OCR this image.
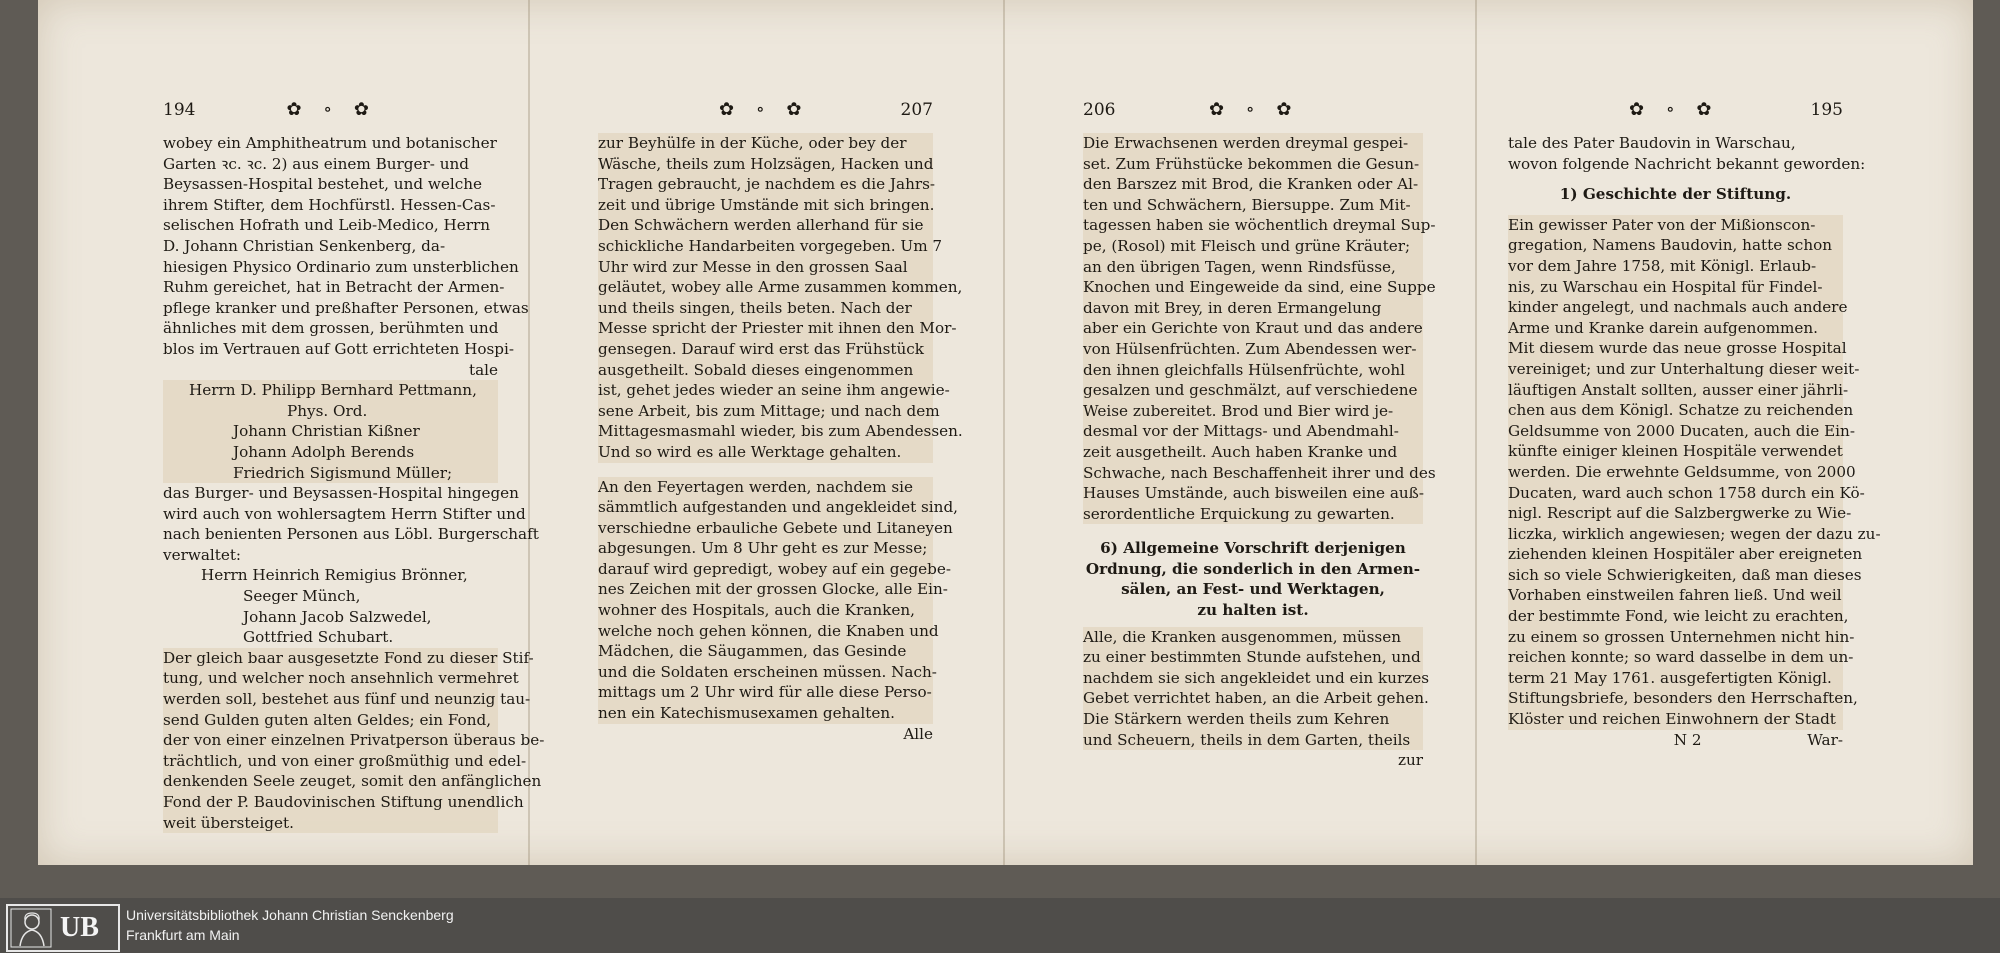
194	✿ ∘ ✿
wobey ein Amphitheatrum und botanischer
Garten ꝛc. ꝛc. 2) aus einem Burger- und
Beysassen-Hospital bestehet, und welche
ihrem Stifter, dem Hochfürstl. Hessen-Cas-
selischen Hofrath und Leib-Medico, Herrn
D. Johann Christian Senkenberg, da-
hiesigen Physico Ordinario zum unsterblichen
Ruhm gereichet, hat in Betracht der Armen-
pflege kranker und preßhafter Personen, etwas
ähnliches mit dem grossen, berühmten und
blos im Vertrauen auf Gott errichteten Hospi-
tale
Herrn D. Philipp Bernhard Pettmann,
Phys. Ord.
Johann Christian Kißner
Johann Adolph Berends
Friedrich Sigismund Müller;
das Burger- und Beysassen-Hospital hingegen
wird auch von wohlersagtem Herrn Stifter und
nach benienten Personen aus Löbl. Burgerschaft
verwaltet:
Herrn Heinrich Remigius Brönner,
Seeger Münch,
Johann Jacob Salzwedel,
Gottfried Schubart.
Der gleich baar ausgesetzte Fond zu dieser Stif-
tung, und welcher noch ansehnlich vermehret
werden soll, bestehet aus fünf und neunzig tau-
send Gulden guten alten Geldes; ein Fond,
der von einer einzelnen Privatperson überaus be-
trächtlich, und von einer großmüthig und edel-
denkenden Seele zeuget, somit den anfänglichen
Fond der P. Baudovinischen Stiftung unendlich
weit übersteiget.
✿ ∘ ✿	207
zur Beyhülfe in der Küche, oder bey der
Wäsche, theils zum Holzsägen, Hacken und
Tragen gebraucht, je nachdem es die Jahrs-
zeit und übrige Umstände mit sich bringen.
Den Schwächern werden allerhand für sie
schickliche Handarbeiten vorgegeben. Um 7
Uhr wird zur Messe in den grossen Saal
geläutet, wobey alle Arme zusammen kommen,
und theils singen, theils beten. Nach der
Messe spricht der Priester mit ihnen den Mor-
gensegen. Darauf wird erst das Frühstück
ausgetheilt. Sobald dieses eingenommen
ist, gehet jedes wieder an seine ihm angewie-
sene Arbeit, bis zum Mittage; und nach dem
Mittagesmasmahl wieder, bis zum Abendessen.
Und so wird es alle Werktage gehalten.
An den Feyertagen werden, nachdem sie
sämmtlich aufgestanden und angekleidet sind,
verschiedne erbauliche Gebete und Litaneyen
abgesungen. Um 8 Uhr geht es zur Messe;
darauf wird gepredigt, wobey auf ein gegebe-
nes Zeichen mit der grossen Glocke, alle Ein-
wohner des Hospitals, auch die Kranken,
welche noch gehen können, die Knaben und
Mädchen, die Säugammen, das Gesinde
und die Soldaten erscheinen müssen. Nach-
mittags um 2 Uhr wird für alle diese Perso-
nen ein Katechismusexamen gehalten.
Alle
206	✿ ∘ ✿
Die Erwachsenen werden dreymal gespei-
set. Zum Frühstücke bekommen die Gesun-
den Barszez mit Brod, die Kranken oder Al-
ten und Schwächern, Biersuppe. Zum Mit-
tagessen haben sie wöchentlich dreymal Sup-
pe, (Rosol) mit Fleisch und grüne Kräuter;
an den übrigen Tagen, wenn Rindsfüsse,
Knochen und Eingeweide da sind, eine Suppe
davon mit Brey, in deren Ermangelung
aber ein Gerichte von Kraut und das andere
von Hülsenfrüchten. Zum Abendessen wer-
den ihnen gleichfalls Hülsenfrüchte, wohl
gesalzen und geschmälzt, auf verschiedene
Weise zubereitet. Brod und Bier wird je-
desmal vor der Mittags- und Abendmahl-
zeit ausgetheilt. Auch haben Kranke und
Schwache, nach Beschaffenheit ihrer und des
Hauses Umstände, auch bisweilen eine auß-
serordentliche Erquickung zu gewarten.
6) Allgemeine Vorschrift derjenigen
Ordnung, die sonderlich in den Armen-
sälen, an Fest- und Werktagen,
zu halten ist.
Alle, die Kranken ausgenommen, müssen
zu einer bestimmten Stunde aufstehen, und
nachdem sie sich angekleidet und ein kurzes
Gebet verrichtet haben, an die Arbeit gehen.
Die Stärkern werden theils zum Kehren
und Scheuern, theils in dem Garten, theils
zur
✿ ∘ ✿	195
tale des Pater Baudovin in Warschau,
wovon folgende Nachricht bekannt geworden:
1) Geschichte der Stiftung.
Ein gewisser Pater von der Mißionscon-
gregation, Namens Baudovin, hatte schon
vor dem Jahre 1758, mit Königl. Erlaub-
nis, zu Warschau ein Hospital für Findel-
kinder angelegt, und nachmals auch andere
Arme und Kranke darein aufgenommen.
Mit diesem wurde das neue grosse Hospital
vereiniget; und zur Unterhaltung dieser weit-
läuftigen Anstalt sollten, ausser einer jährli-
chen aus dem Königl. Schatze zu reichenden
Geldsumme von 2000 Ducaten, auch die Ein-
künfte einiger kleinen Hospitäle verwendet
werden. Die erwehnte Geldsumme, von 2000
Ducaten, ward auch schon 1758 durch ein Kö-
nigl. Rescript auf die Salzbergwerke zu Wie-
liczka, wirklich angewiesen; wegen der dazu zu-
ziehenden kleinen Hospitäler aber ereigneten
sich so viele Schwierigkeiten, daß man dieses
Vorhaben einstweilen fahren ließ. Und weil
der bestimmte Fond, wie leicht zu erachten,
zu einem so grossen Unternehmen nicht hin-
reichen konnte; so ward dasselbe in dem un-
term 21 May 1761. ausgefertigten Königl.
Stiftungsbriefe, besonders den Herrschaften,
Klöster und reichen Einwohnern der Stadt
N 2	War-
UB Universitätsbibliothek Johann Christian Senckenberg
Frankfurt am Main
